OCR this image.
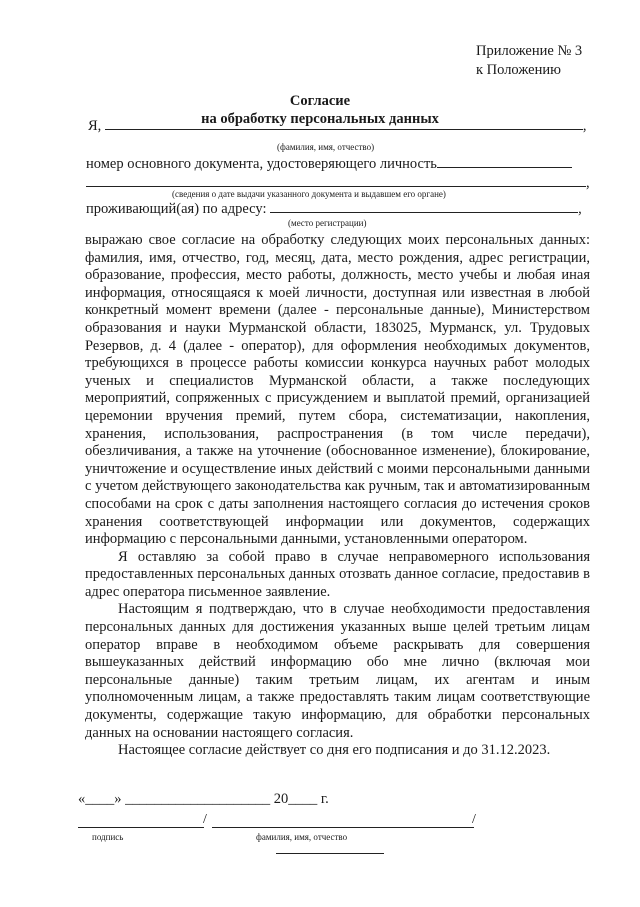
Приложение № 3
к Положению
Согласие
на обработку персональных данных
Я,	,
(фамилия, имя, отчество)
номер основного документа, удостоверяющего личность
,
(сведения о дате выдачи указанного документа и выдавшем его органе)
проживающий(ая) по адресу:	,
(место регистрации)

выражаю свое согласие на обработку следующих моих персональных данных: фамилия, имя, отчество, год, месяц, дата, место рождения, адрес регистрации, образование, профессия, место работы, должность, место учебы и любая иная информация, относящаяся к моей личности, доступная или известная в любой конкретный момент времени (далее - персональные данные), Министерством образования и науки Мурманской области, 183025, Мурманск, ул. Трудовых Резервов, д. 4 (далее - оператор), для оформления необходимых документов, требующихся в процессе работы комиссии конкурса научных работ молодых ученых и специалистов Мурманской области, а также последующих мероприятий, сопряженных с присуждением и выплатой премий, организацией церемонии вручения премий, путем сбора, систематизации, накопления, хранения, использования, распространения (в том числе передачи), обезличивания, а также на уточнение (обоснованное изменение), блокирование, уничтожение и осуществление иных действий с моими персональными данными с учетом действующего законодательства как ручным, так и автоматизированным способами на срок с даты заполнения настоящего согласия до истечения сроков хранения соответствующей информации или документов, содержащих информацию с персональными данными, установленными оператором.

Я оставляю за собой право в случае неправомерного использования предоставленных персональных данных отозвать данное согласие, предоставив в адрес оператора письменное заявление.

Настоящим я подтверждаю, что в случае необходимости предоставления персональных данных для достижения указанных выше целей третьим лицам оператор вправе в необходимом объеме раскрывать для совершения вышеуказанных действий информацию обо мне лично (включая мои персональные данные) таким третьим лицам, их агентам и иным уполномоченным лицам, а также предоставлять таким лицам соответствующие документы, содержащие такую информацию, для обработки персональных данных на основании настоящего согласия.

Настоящее согласие действует со дня его подписания и до 31.12.2023.

«____» ____________________ 20____ г.
/	/
подпись	фамилия, имя, отчество
